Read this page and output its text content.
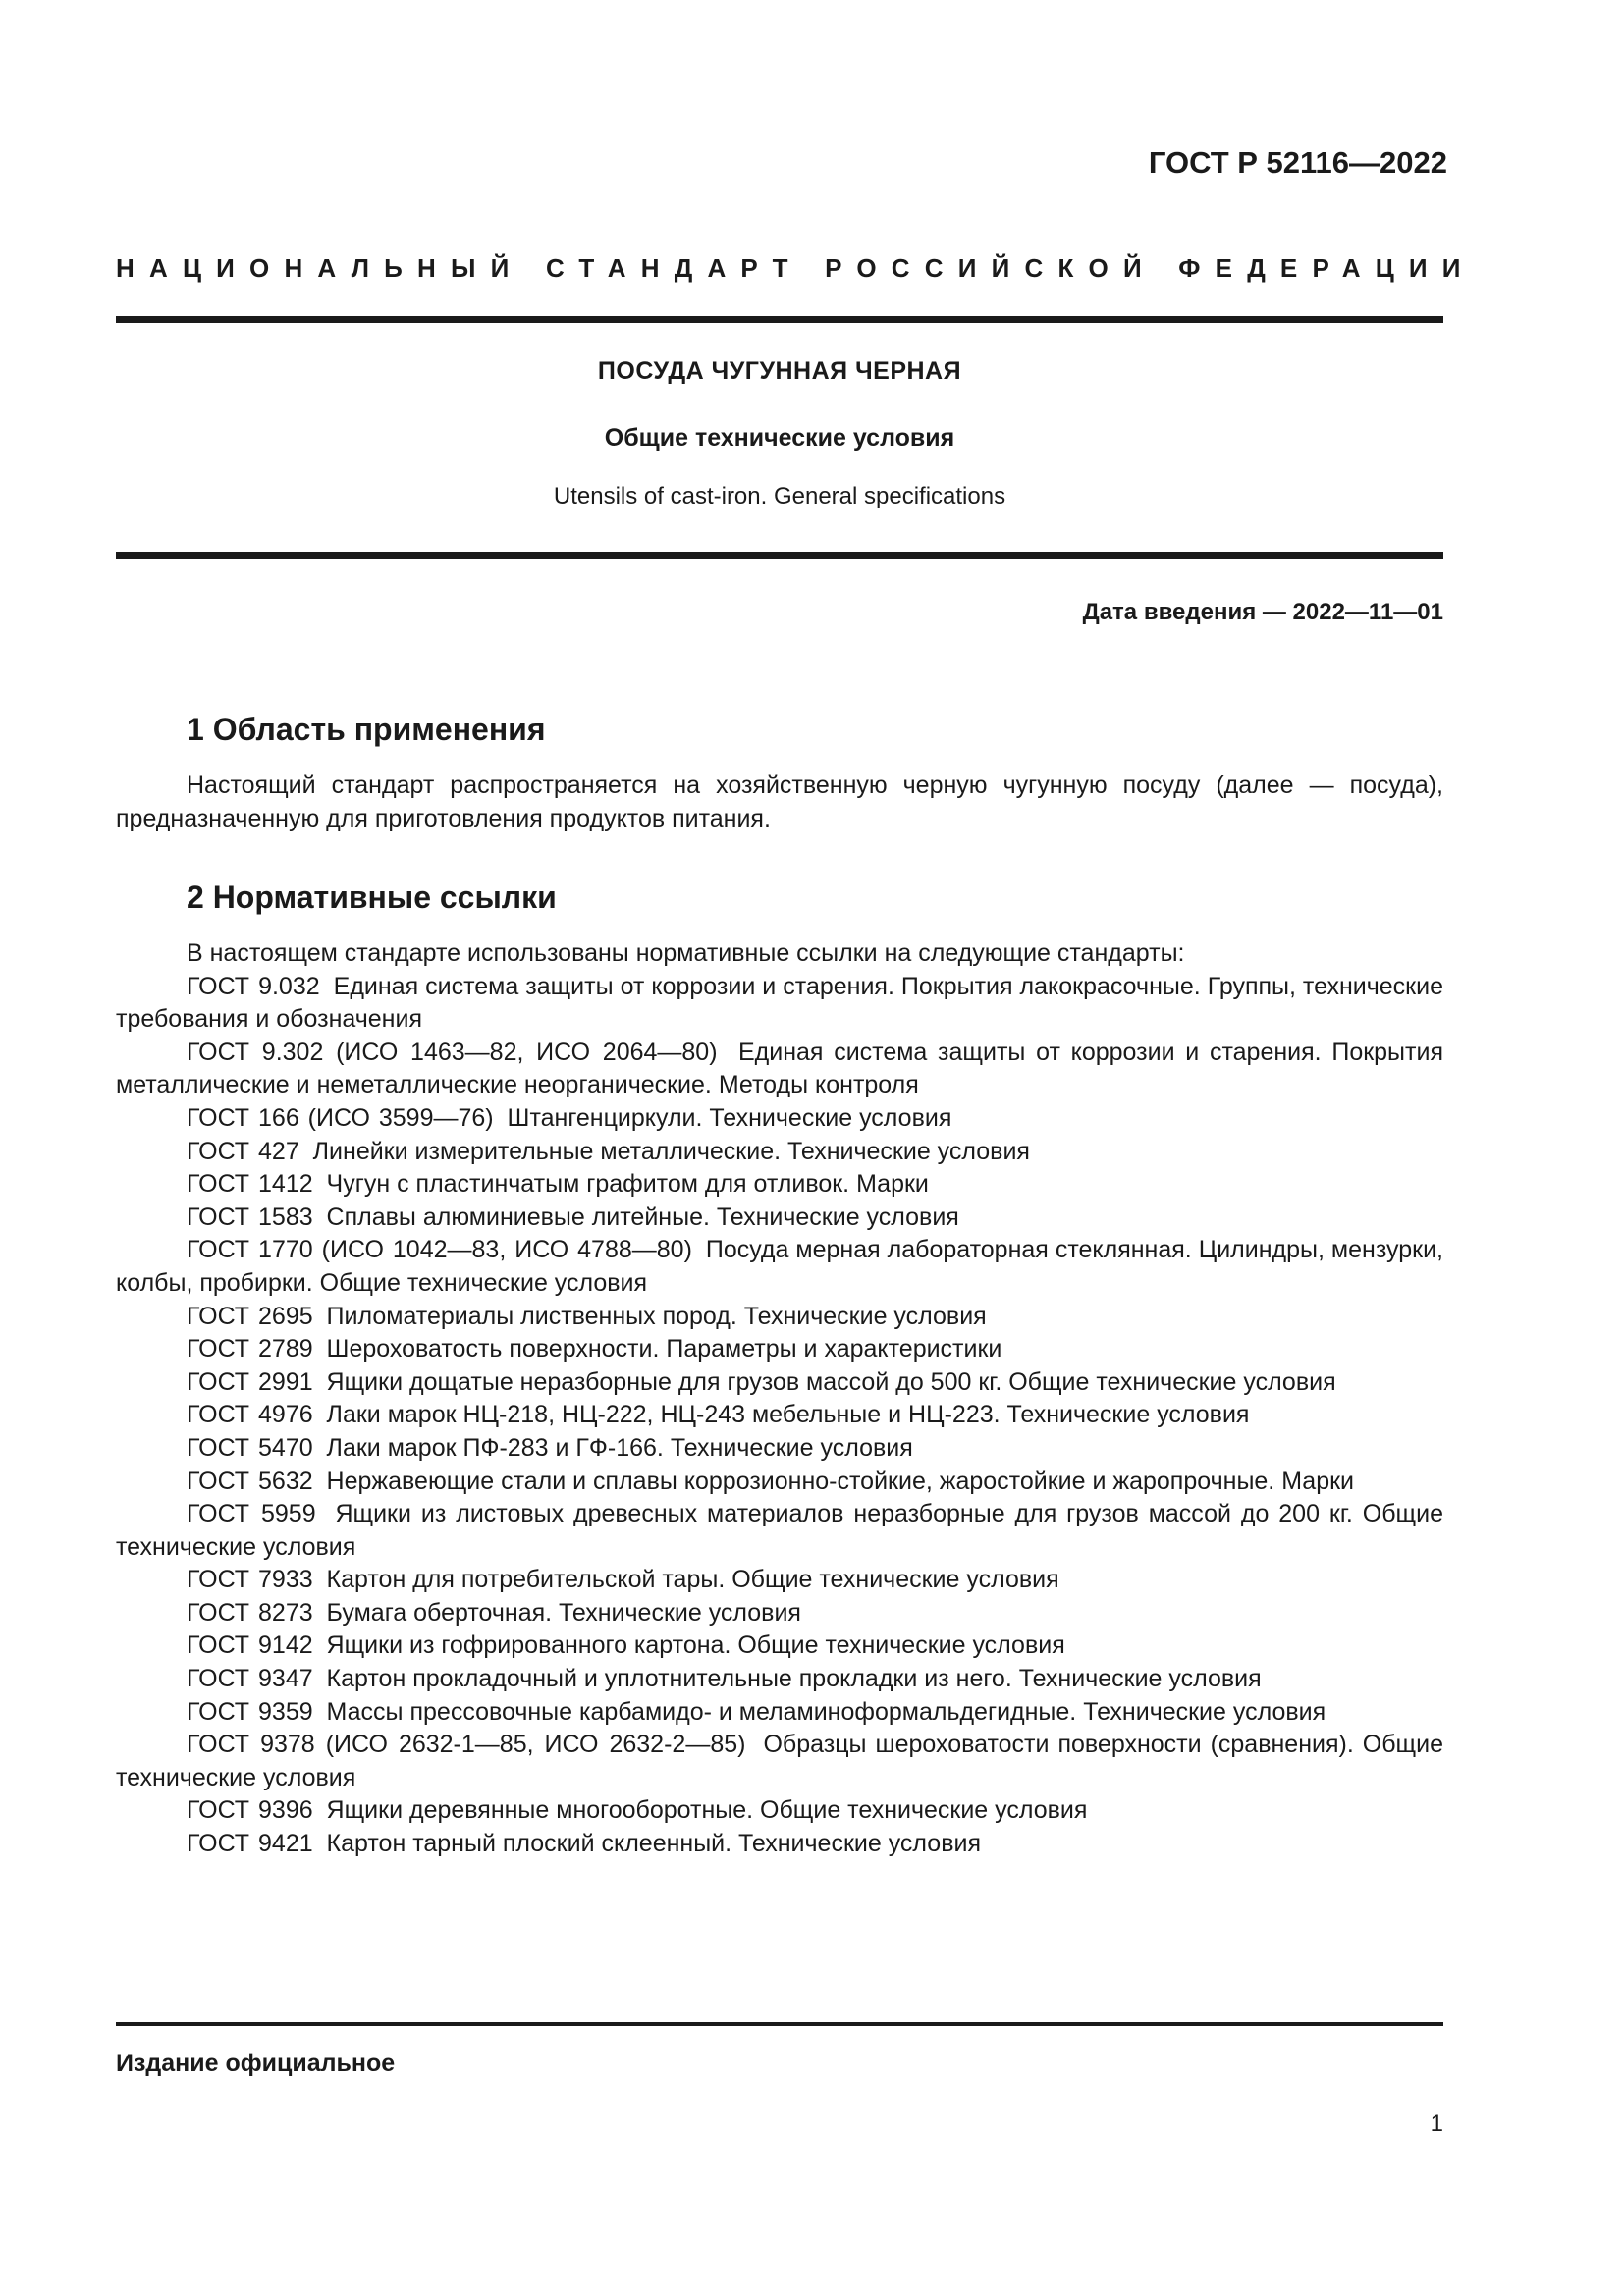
ГОСТ Р 52116—2022
НАЦИОНАЛЬНЫЙ СТАНДАРТ РОССИЙСКОЙ ФЕДЕРАЦИИ
ПОСУДА ЧУГУННАЯ ЧЕРНАЯ
Общие технические условия
Utensils of cast-iron. General specifications
Дата введения — 2022—11—01
1 Область применения

Настоящий стандарт распространяется на хозяйственную черную чугунную посуду (далее — посуда), предназначенную для приготовления продуктов питания.

2 Нормативные ссылки

В настоящем стандарте использованы нормативные ссылки на следующие стандарты:

ГОСТ 9.032 Единая система защиты от коррозии и старения. Покрытия лакокрасочные. Группы, технические требования и обозначения

ГОСТ 9.302 (ИСО 1463—82, ИСО 2064—80) Единая система защиты от коррозии и старения. Покрытия металлические и неметаллические неорганические. Методы контроля

ГОСТ 166 (ИСО 3599—76) Штангенциркули. Технические условия

ГОСТ 427 Линейки измерительные металлические. Технические условия

ГОСТ 1412 Чугун с пластинчатым графитом для отливок. Марки

ГОСТ 1583 Сплавы алюминиевые литейные. Технические условия

ГОСТ 1770 (ИСО 1042—83, ИСО 4788—80) Посуда мерная лабораторная стеклянная. Цилиндры, мензурки, колбы, пробирки. Общие технические условия

ГОСТ 2695 Пиломатериалы лиственных пород. Технические условия

ГОСТ 2789 Шероховатость поверхности. Параметры и характеристики

ГОСТ 2991 Ящики дощатые неразборные для грузов массой до 500 кг. Общие технические условия

ГОСТ 4976 Лаки марок НЦ-218, НЦ-222, НЦ-243 мебельные и НЦ-223. Технические условия

ГОСТ 5470 Лаки марок ПФ-283 и ГФ-166. Технические условия

ГОСТ 5632 Нержавеющие стали и сплавы коррозионно-стойкие, жаростойкие и жаропрочные. Марки

ГОСТ 5959 Ящики из листовых древесных материалов неразборные для грузов массой до 200 кг. Общие технические условия

ГОСТ 7933 Картон для потребительской тары. Общие технические условия

ГОСТ 8273 Бумага оберточная. Технические условия

ГОСТ 9142 Ящики из гофрированного картона. Общие технические условия

ГОСТ 9347 Картон прокладочный и уплотнительные прокладки из него. Технические условия

ГОСТ 9359 Массы прессовочные карбамидо- и меламиноформальдегидные. Технические условия

ГОСТ 9378 (ИСО 2632-1—85, ИСО 2632-2—85) Образцы шероховатости поверхности (сравнения). Общие технические условия

ГОСТ 9396 Ящики деревянные многооборотные. Общие технические условия

ГОСТ 9421 Картон тарный плоский склеенный. Технические условия

Издание официальное
1
